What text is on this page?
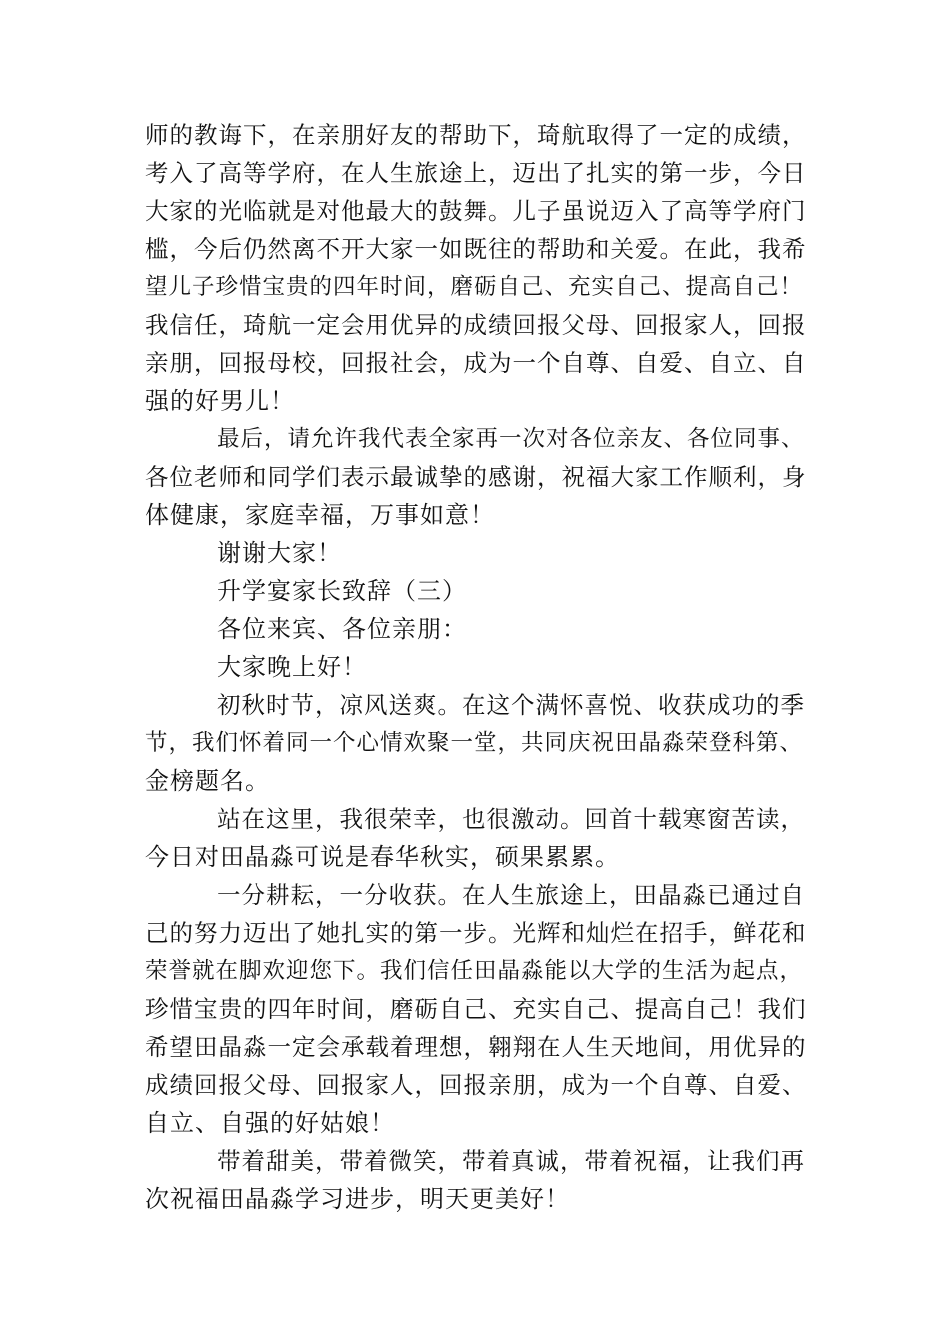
师的教诲下，在亲朋好友的帮助下，琦航取得了一定的成绩，
考入了高等学府，在人生旅途上，迈出了扎实的第一步，今日
大家的光临就是对他最大的鼓舞。儿子虽说迈入了高等学府门
槛，今后仍然离不开大家一如既往的帮助和关爱。在此，我希
望儿子珍惜宝贵的四年时间，磨砺自己、充实自己、提高自己！
我信任，琦航一定会用优异的成绩回报父母、回报家人，回报
亲朋，回报母校，回报社会，成为一个自尊、自爱、自立、自
强的好男儿！
最后，请允许我代表全家再一次对各位亲友、各位同事、
各位老师和同学们表示最诚挚的感谢，祝福大家工作顺利，身
体健康，家庭幸福，万事如意！
谢谢大家！
升学宴家长致辞（三）
各位来宾、各位亲朋：
大家晚上好！
初秋时节，凉风送爽。在这个满怀喜悦、收获成功的季
节，我们怀着同一个心情欢聚一堂，共同庆祝田晶淼荣登科第、
金榜题名。
站在这里，我很荣幸，也很激动。回首十载寒窗苦读，
今日对田晶淼可说是春华秋实，硕果累累。
一分耕耘，一分收获。在人生旅途上，田晶淼已通过自
己的努力迈出了她扎实的第一步。光辉和灿烂在招手，鲜花和
荣誉就在脚欢迎您下。我们信任田晶淼能以大学的生活为起点，
珍惜宝贵的四年时间，磨砺自己、充实自己、提高自己！我们
希望田晶淼一定会承载着理想，翱翔在人生天地间，用优异的
成绩回报父母、回报家人，回报亲朋，成为一个自尊、自爱、
自立、自强的好姑娘！
带着甜美，带着微笑，带着真诚，带着祝福，让我们再
次祝福田晶淼学习进步，明天更美好！
